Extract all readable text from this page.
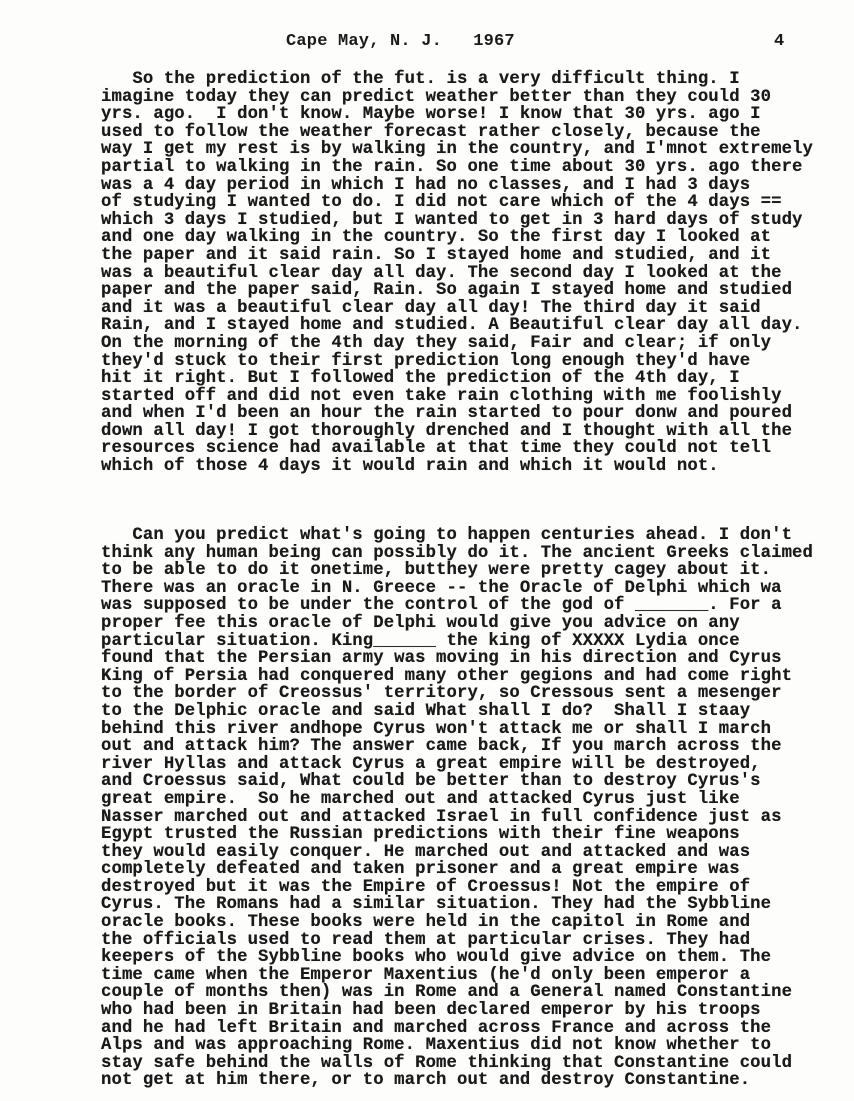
Cape May, N. J.   1967	4
So the prediction of the fut. is a very difficult thing. I
imagine today they can predict weather better than they could 30
yrs. ago.  I don't know. Maybe worse! I know that 30 yrs. ago I
used to follow the weather forecast rather closely, because the
way I get my rest is by walking in the country, and I'mnot extremely
partial to walking in the rain. So one time about 30 yrs. ago there
was a 4 day period in which I had no classes, and I had 3 days
of studying I wanted to do. I did not care which of the 4 days ==
which 3 days I studied, but I wanted to get in 3 hard days of study
and one day walking in the country. So the first day I looked at
the paper and it said rain. So I stayed home and studied, and it
was a beautiful clear day all day. The second day I looked at the
paper and the paper said, Rain. So again I stayed home and studied
and it was a beautiful clear day all day! The third day it said
Rain, and I stayed home and studied. A Beautiful clear day all day.
On the morning of the 4th day they said, Fair and clear; if only
they'd stuck to their first prediction long enough they'd have
hit it right. But I followed the prediction of the 4th day, I
started off and did not even take rain clothing with me foolishly
and when I'd been an hour the rain started to pour donw and poured
down all day! I got thoroughly drenched and I thought with all the
resources science had available at that time they could not tell
which of those 4 days it would rain and which it would not.
Can you predict what's going to happen centuries ahead. I don't
think any human being can possibly do it. The ancient Greeks claimed
to be able to do it onetime, butthey were pretty cagey about it.
There was an oracle in N. Greece -- the Oracle of Delphi which wa
was supposed to be under the control of the god of _______. For a
proper fee this oracle of Delphi would give you advice on any
particular situation. King______ the king of XXXXX Lydia once
found that the Persian army was moving in his direction and Cyrus
King of Persia had conquered many other gegions and had come right
to the border of Creossus' territory, so Cressous sent a mesenger
to the Delphic oracle and said What shall I do?  Shall I staay
behind this river andhope Cyrus won't attack me or shall I march
out and attack him? The answer came back, If you march across the
river Hyllas and attack Cyrus a great empire will be destroyed,
and Croessus said, What could be better than to destroy Cyrus's
great empire.  So he marched out and attacked Cyrus just like
Nasser marched out and attacked Israel in full confidence just as
Egypt trusted the Russian predictions with their fine weapons
they would easily conquer. He marched out and attacked and was
completely defeated and taken prisoner and a great empire was
destroyed but it was the Empire of Croessus! Not the empire of
Cyrus. The Romans had a similar situation. They had the Sybbline
oracle books. These books were held in the capitol in Rome and
the officials used to read them at particular crises. They had
keepers of the Sybbline books who would give advice on them. The
time came when the Emperor Maxentius (he'd only been emperor a
couple of months then) was in Rome and a General named Constantine
who had been in Britain had been declared emperor by his troops
and he had left Britain and marched across France and across the
Alps and was approaching Rome. Maxentius did not know whether to
stay safe behind the walls of Rome thinking that Constantine could
not get at him there, or to march out and destroy Constantine.
